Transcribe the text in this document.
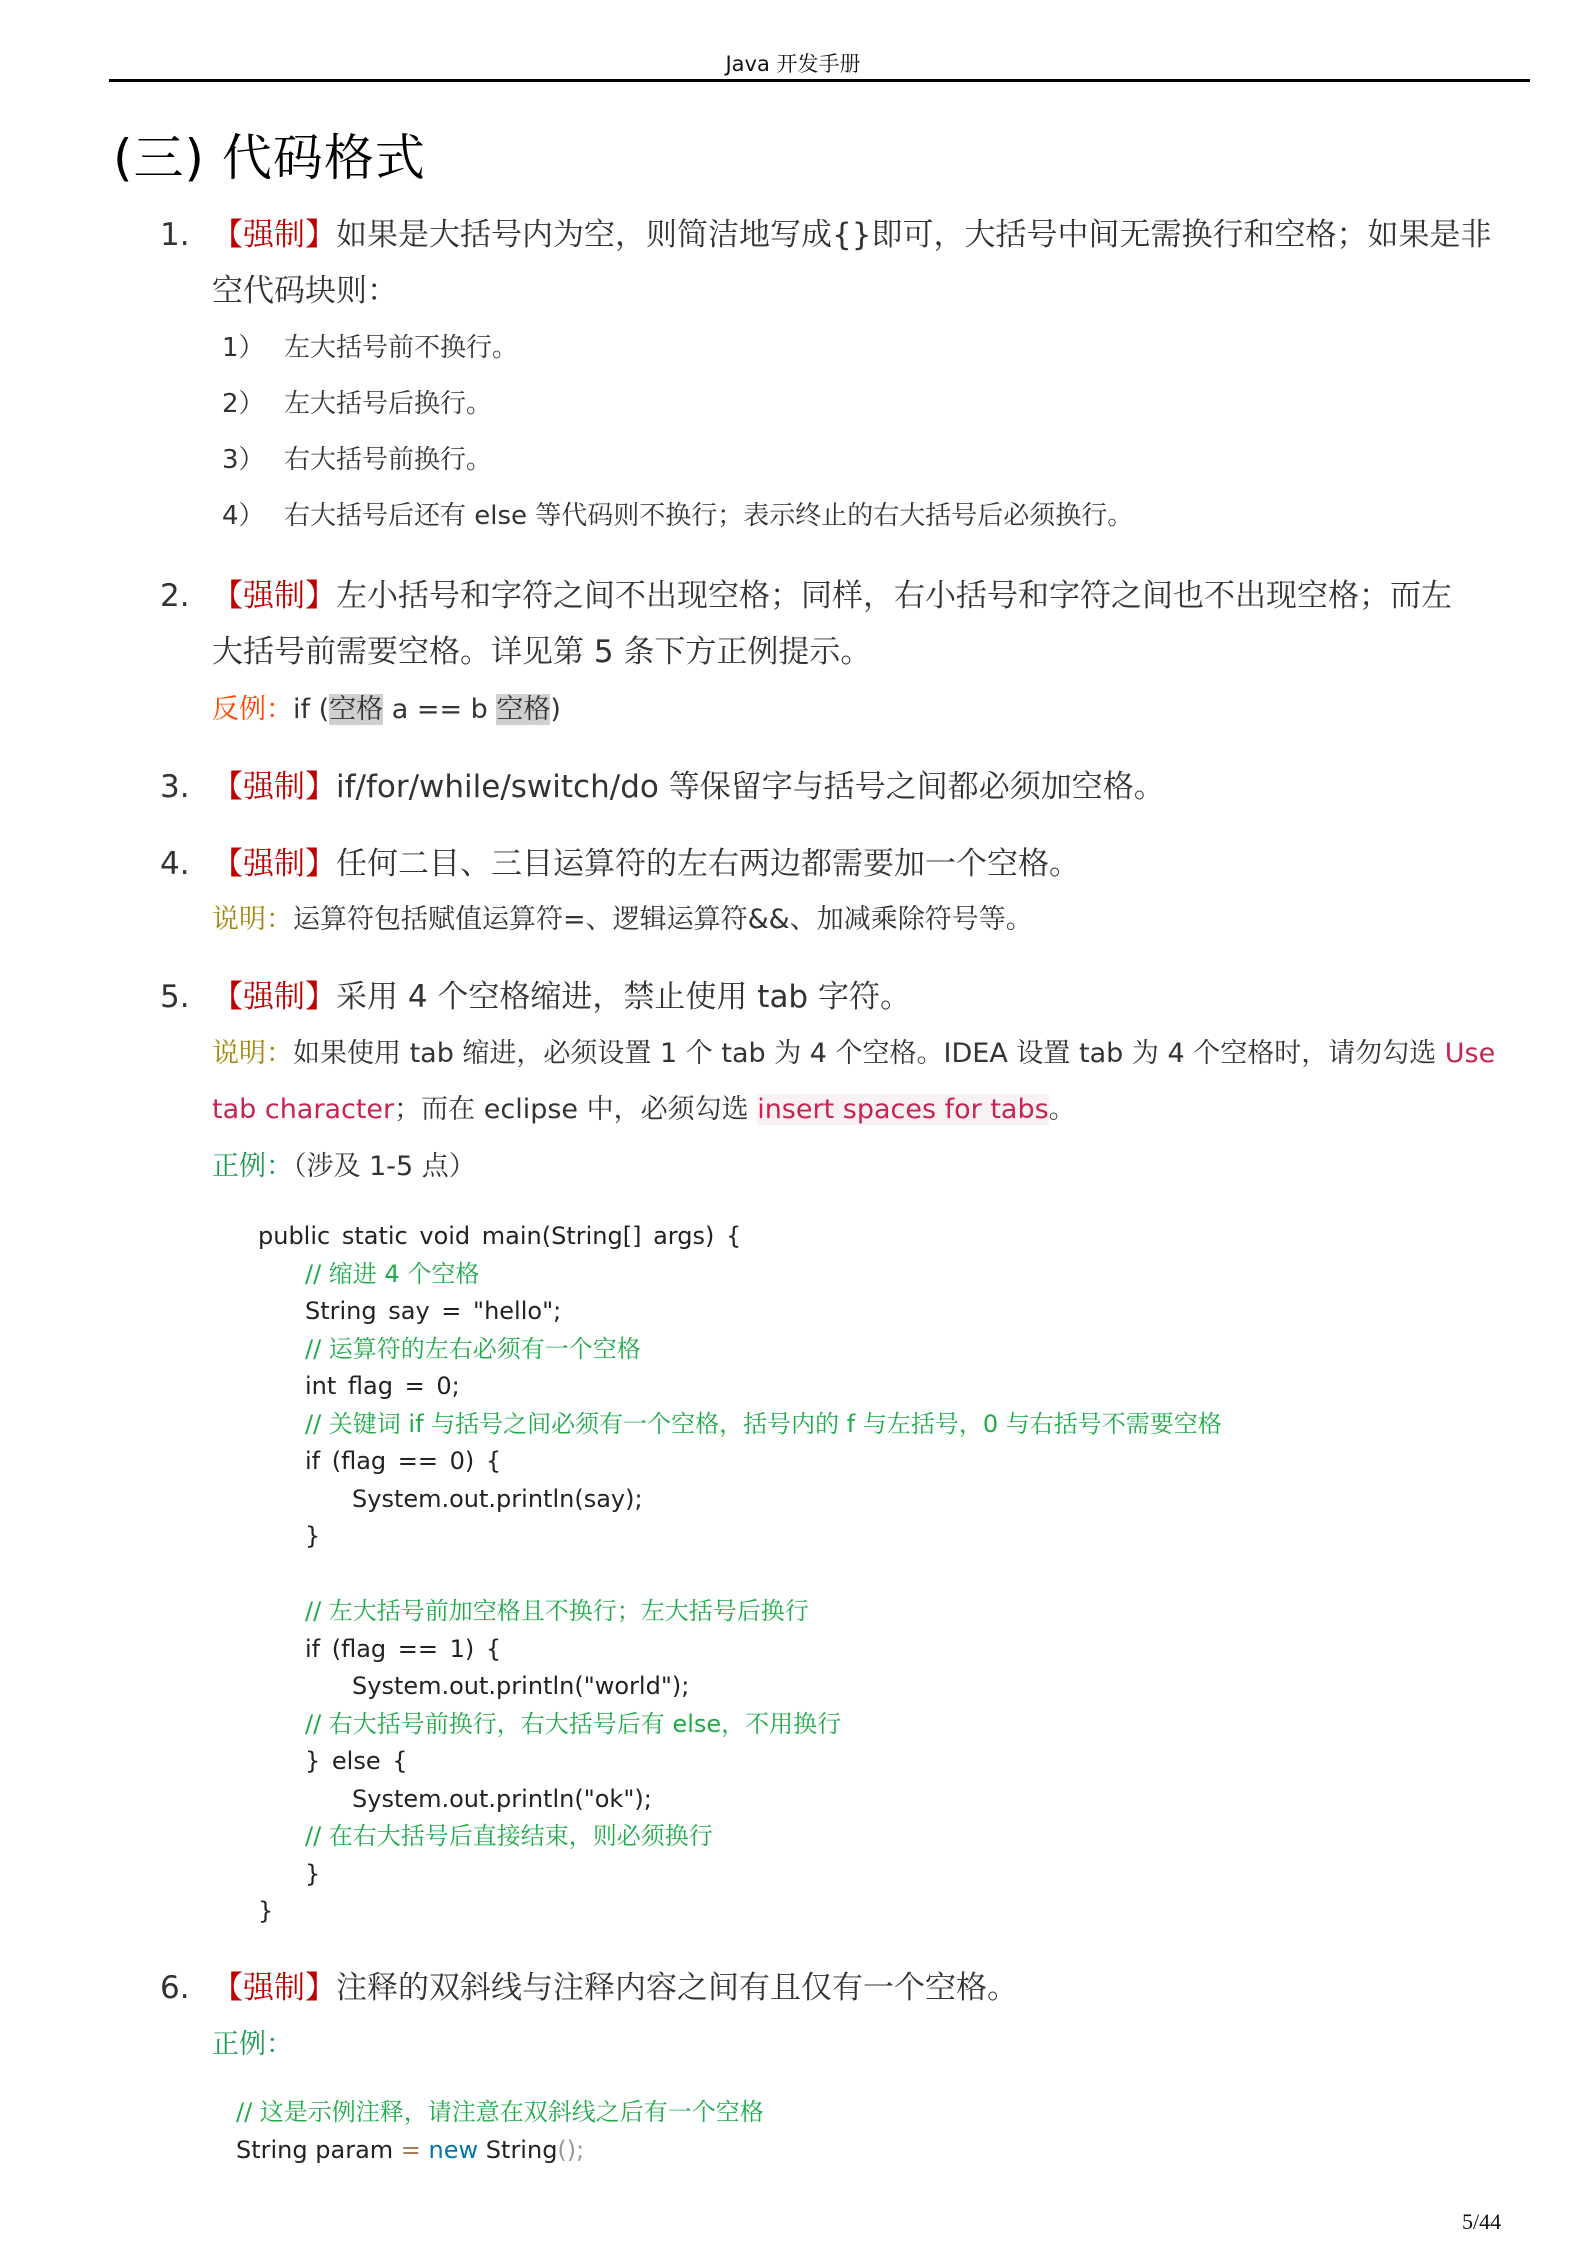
Java 开发手册
(三) 代码格式
1. 【强制】如果是大括号内为空，则简洁地写成{}即可，大括号中间无需换行和空格；如果是非
空代码块则：
1） 左大括号前不换行。
2） 左大括号后换行。
3） 右大括号前换行。
4） 右大括号后还有 else 等代码则不换行；表示终止的右大括号后必须换行。
2. 【强制】左小括号和字符之间不出现空格；同样，右小括号和字符之间也不出现空格；而左
大括号前需要空格。详见第 5 条下方正例提示。
反例：if (空格 a == b 空格)
3. 【强制】if/for/while/switch/do 等保留字与括号之间都必须加空格。
4. 【强制】任何二目、三目运算符的左右两边都需要加一个空格。
说明：运算符包括赋值运算符=、逻辑运算符&&、加减乘除符号等。
5. 【强制】采用 4 个空格缩进，禁止使用 tab 字符。
说明：如果使用 tab 缩进，必须设置 1 个 tab 为 4 个空格。IDEA 设置 tab 为 4 个空格时，请勿勾选 Use
tab character；而在 eclipse 中，必须勾选 insert spaces for tabs。
正例：（涉及 1-5 点）
public static void main(String[] args) {
// 缩进 4 个空格
String say = "hello";
// 运算符的左右必须有一个空格
int flag = 0;
// 关键词 if 与括号之间必须有一个空格，括号内的 f 与左括号，0 与右括号不需要空格
if (flag == 0) {
System.out.println(say);
}
// 左大括号前加空格且不换行；左大括号后换行
if (flag == 1) {
System.out.println("world");
// 右大括号前换行，右大括号后有 else，不用换行
} else {
System.out.println("ok");
// 在右大括号后直接结束，则必须换行
}
}
6. 【强制】注释的双斜线与注释内容之间有且仅有一个空格。
正例：
// 这是示例注释，请注意在双斜线之后有一个空格
String param = new String();
5/44
